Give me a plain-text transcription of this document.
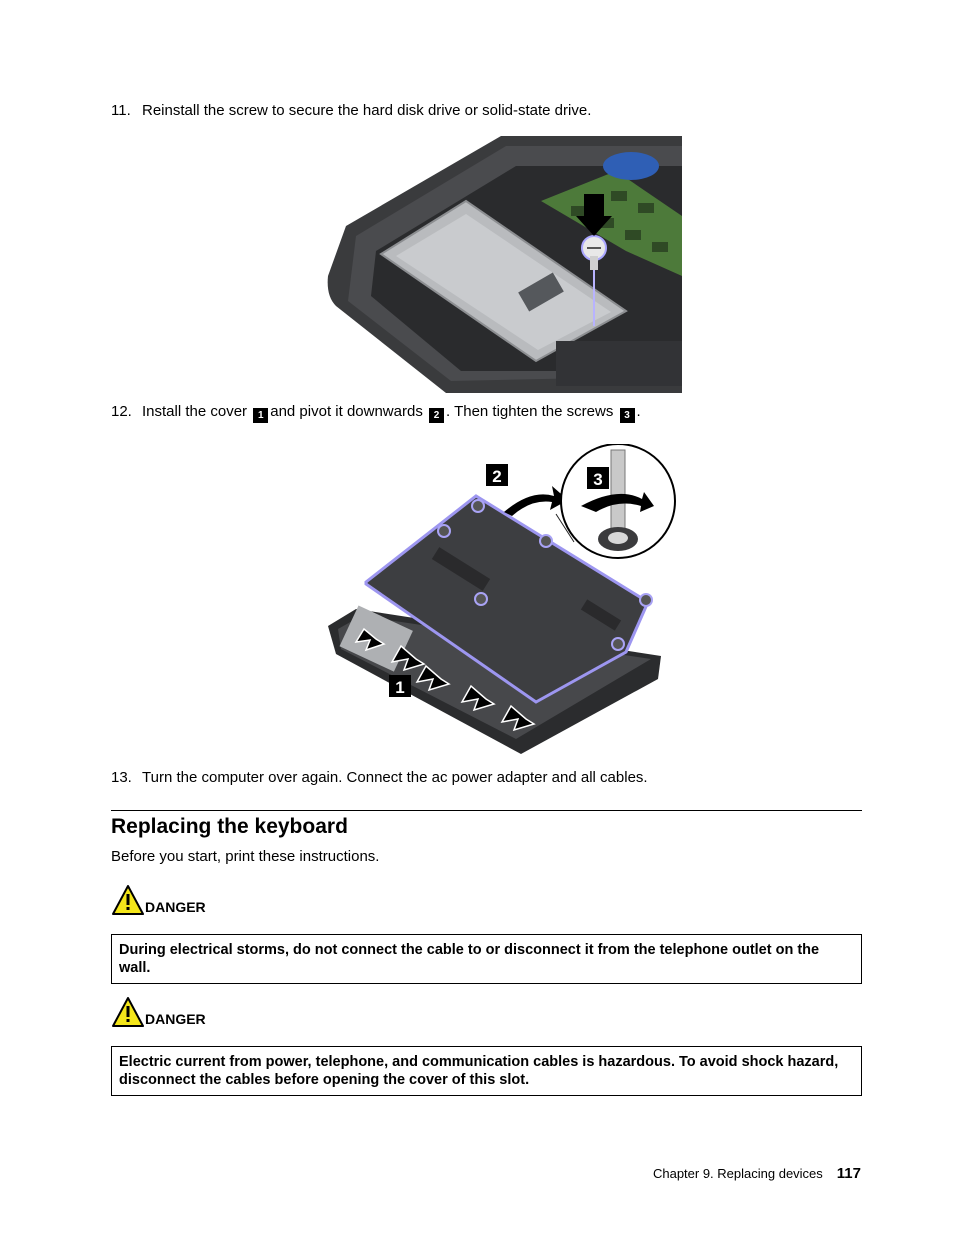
11. Reinstall the screw to secure the hard disk drive or solid-state drive.
12. Install the cover 1 and pivot it downwards 2 . Then tighten the screws 3 .
2	3
1
13. Turn the computer over again. Connect the ac power adapter and all cables.
Replacing the keyboard
Before you start, print these instructions.
DANGER
During electrical storms, do not connect the cable to or disconnect it from the telephone outlet on the wall.
DANGER
Electric current from power, telephone, and communication cables is hazardous. To avoid shock hazard, disconnect the cables before opening the cover of this slot.
Chapter 9. Replacing devices 117
